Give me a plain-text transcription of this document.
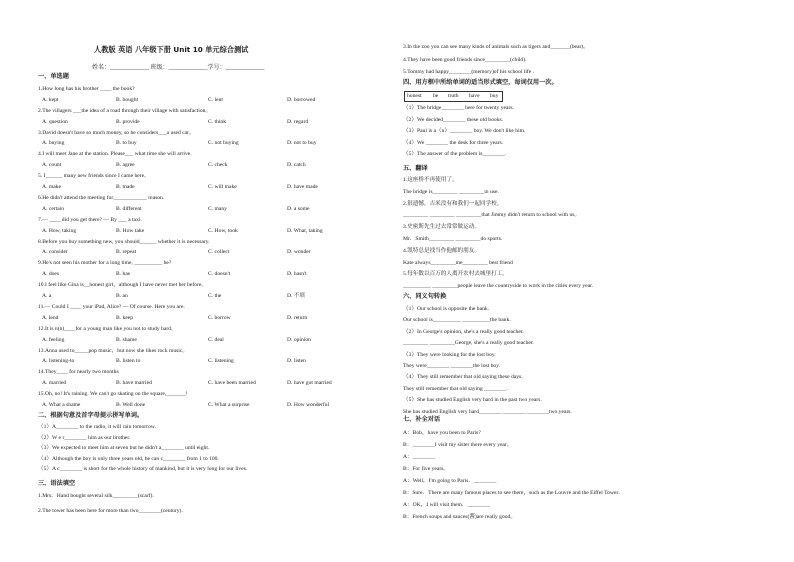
人教版 英语 八年级下册 Unit 10 单元综合测试
姓名：_____________ 班级：_____________学号：_____________
一、单选题
1.How long has his brother ____ the book?
A. kept	B. bought	C. lent	D. borrowed
2.The villagers ___the idea of a road through their village with satisfaction。
A. question	B. provide	C. think	D. regard
3.David doesn't have so much money, so he considers___a used car。
A. buying	B. to buy	C. not buying	D. not to buy
4.I will meet Jane at the station. Please___ what time she will arrive.
A. count	B. agree	C. check	D. catch
5. I______ many new friends since I came here。
A. make	B. made	C. will make	D. have made
6.He didn't attend the meeting for____________ reason.
A. certain	B. different	C. many	D. a some
7.— ____ did you get there? — By ___ a taxi.
A. How, taking	B. How take	C. How, took	D. What, taking
8.Before you buy something new, you should______ whether it is necessary.
A. consider	B. repeat	C. collect	D. wonder
9.He's not seen his mother for a long time, __________ he?
A. does	B. has	C. doesn't	D. hasn't
10.I feel like Gina is__honest girl，although I have never met her before。
A. a	B. an	C. the	D. 不填
11.— Could I ____ your iPad, Alice? — Of course. Here you are.
A. lend	B. keep	C. borrow	D. return
12.It is n(n)____for a young man like you not to study hard。
A. feeling	B. shame	C. deal	D. opinion
13.Anna used to_____pop music，but now she likes rock music。
A. listening-to	B. listen to	C. listening	D. listen
14.They____ for nearly two months
A. married	B. have married	C. have been married	D. have got married
15.Oh, no! It's raining. We can't go skating on the square,_______!
A. What a shame	B. Well done	C. What a surprise	D. How wonderful
二、根据句意及首字母提示拼写单词。
（1）A________ to the radio, it will rain tomorrow.
（2）W e r________ him as our brother.
（3）We expected to meet him at seven but he didn't a________ until eight.
（4）Although the boy is only three years old, he can c________ from 1 to 100.
（5）A c________ is short for the whole history of mankind, but it is very long for our lives.
三、语法填空
1.Mrs．Hand bought several silk_________(scarf).
2.The tower has been here for more than two________(century).
3.In the zoo you can see many kinds of animals such as tigers and_______(bear)。
4.They have been good friends since_________(child).
5.Tommy had happy________(memory)of his school life .
四、用方框中所给单词的适当形式填空，每词仅用一次。
honest be truth have buy
（1）The bridge________ here for twenty years.
（2）We decided________ these old books.
（3）Paul is a（n）________ boy. We don't like him.
（4）We ________ the desk for three years.
（5）The answer of the problem is________.
五、翻译
1.这座桥不再使用了。
The bridge is_________ _________in use.
2.很遗憾，吉米没有和我们一起回学校。
_________ _________ _________that Jimmy didn't return to school with us。
3.史密斯先生过去常常做运动。
Mr．Smith_________ _________do sports.
4.凯特总是找当作他邮的朋友。
Kate always_________me_________ best friend
5.每年数以百万的人离开农村去城里打工。
__________ _________people leave the countryside to work in the cities every year.
六、同义句转换
（1）Our school is opposite the bank.
Our school is__________ __________the bank.
（2）In George's opinion, she's a really good teacher.
_________ _________George, she's a really good teacher.
（3）They were looking for the lost boy.
They were________ ________the lost boy.
（4）They still remember that old saying these days.
They still remember that old saying ________.
（5）She has studied English very hard in the past two years.
She has studied English very hard________ ________ ________two years.
七、补全对话
A：Bob，have you been to Paris?
B：________I visit my sister there every year。
A：________
B：For five years。
A：Well，I'm going to Paris．________
B：Sure．There are many famous places to see there，such as the Louvre and the Eiffel Tower．
A：OK，I will visit them．________
B：French soups and sauces(酱)are really good。
